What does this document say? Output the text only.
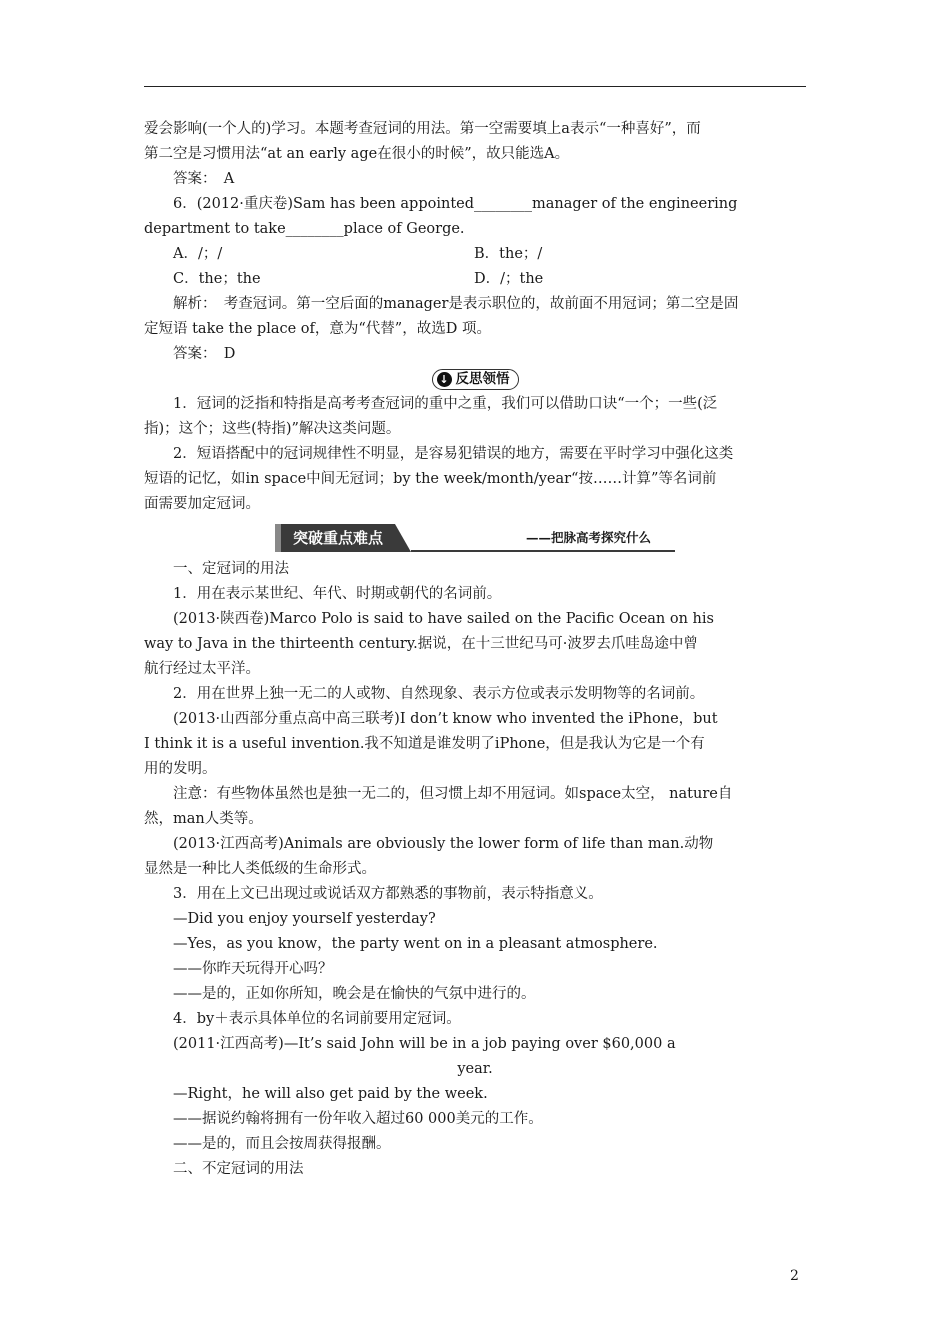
爱会影响(一个人的)学习。本题考查冠词的用法。第一空需要填上a表示“一种喜好”，而

第二空是习惯用法“at an early age在很小的时候”，故只能选A。

答案：　A

6．(2012·重庆卷)Sam has been appointed________manager of the engineering

department to take________place of George.

A．/；/	B．the；/
C．the；the	D．/；the

解析：　考查冠词。第一空后面的manager是表示职位的，故前面不用冠词；第二空是固

定短语 take the place of，意为“代替”，故选D 项。

答案：　D

↓ 反思领悟

1．冠词的泛指和特指是高考考查冠词的重中之重，我们可以借助口诀“一个；一些(泛

指)；这个；这些(特指)”解决这类问题。

2．短语搭配中的冠词规律性不明显，是容易犯错误的地方，需要在平时学习中强化这类

短语的记忆，如in space中间无冠词；by the week/month/year“按……计算”等名词前

面需要加定冠词。

突破重点难点	——把脉高考探究什么

一、定冠词的用法

1．用在表示某世纪、年代、时期或朝代的名词前。

(2013·陕西卷)Marco Polo is said to have sailed on the Pacific Ocean on his

way to Java in the thirteenth century.据说，在十三世纪马可·波罗去爪哇岛途中曾

航行经过太平洋。

2．用在世界上独一无二的人或物、自然现象、表示方位或表示发明物等的名词前。

(2013·山西部分重点高中高三联考)I don’t know who invented the iPhone，but

I think it is a useful invention.我不知道是谁发明了iPhone，但是我认为它是一个有

用的发明。

注意：有些物体虽然也是独一无二的，但习惯上却不用冠词。如space太空， nature自

然，man人类等。

(2013·江西高考)Animals are obviously the lower form of life than man.动物

显然是一种比人类低级的生命形式。

3．用在上文已出现过或说话双方都熟悉的事物前，表示特指意义。

—Did you enjoy yourself yesterday?

—Yes，as you know，the party went on in a pleasant atmosphere.

——你昨天玩得开心吗？

——是的，正如你所知，晚会是在愉快的气氛中进行的。

4．by＋表示具体单位的名词前要用定冠词。

(2011·江西高考)—It’s said John will be in a job paying over $60,000 a

year.

—Right，he will also get paid by the week.

——据说约翰将拥有一份年收入超过60 000美元的工作。

——是的，而且会按周获得报酬。

二、不定冠词的用法

2
